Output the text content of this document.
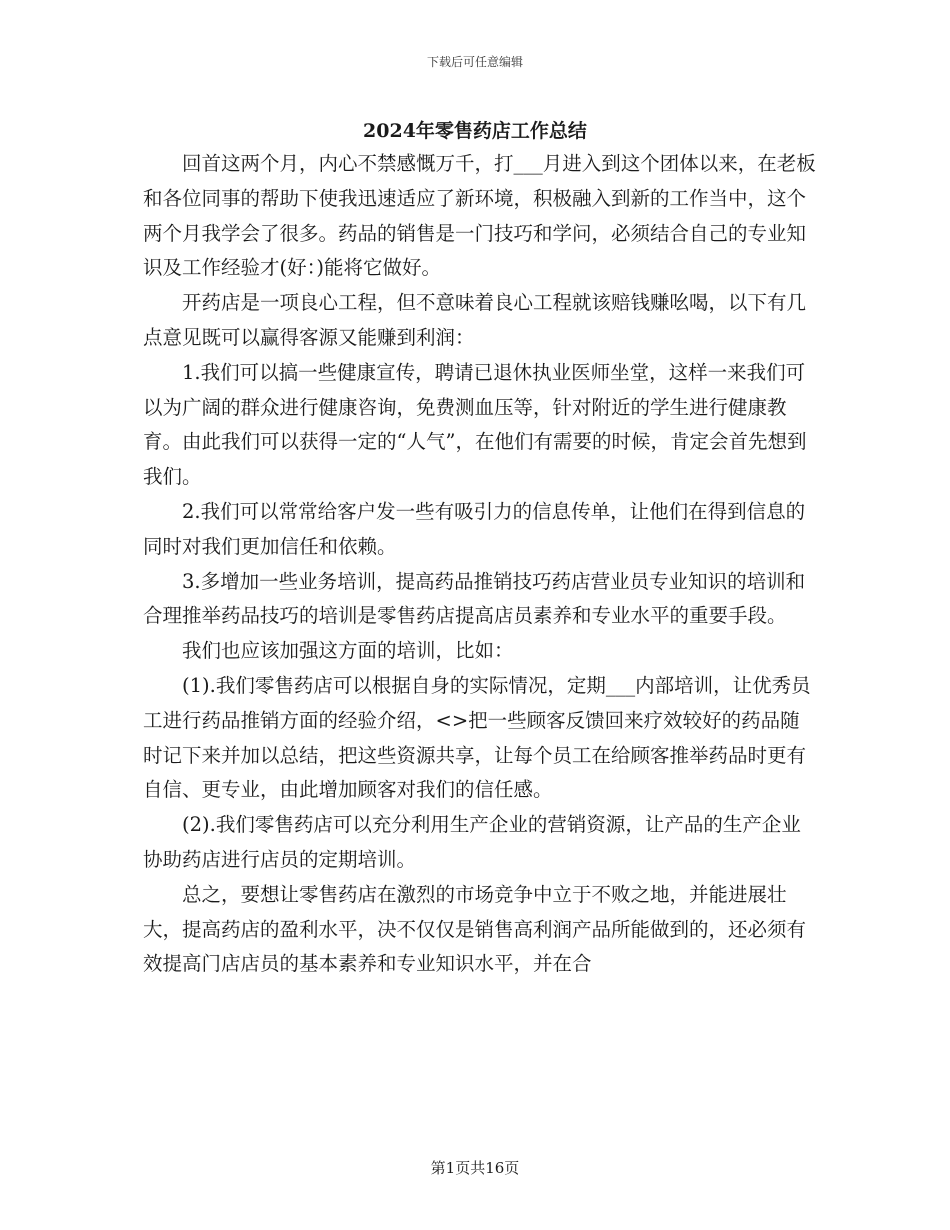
下载后可任意编辑
2024年零售药店工作总结

回首这两个月，内心不禁感慨万千，打___月进入到这个团体以来，在老板和各位同事的帮助下使我迅速适应了新环境，积极融入到新的工作当中，这个两个月我学会了很多。药品的销售是一门技巧和学问，必须结合自己的专业知识及工作经验才(好：)能将它做好。

开药店是一项良心工程，但不意味着良心工程就该赔钱赚吆喝，以下有几点意见既可以赢得客源又能赚到利润：

1.我们可以搞一些健康宣传，聘请已退休执业医师坐堂，这样一来我们可以为广阔的群众进行健康咨询，免费测血压等，针对附近的学生进行健康教育。由此我们可以获得一定的“人气”，在他们有需要的时候，肯定会首先想到我们。

2.我们可以常常给客户发一些有吸引力的信息传单，让他们在得到信息的同时对我们更加信任和依赖。

3.多增加一些业务培训，提高药品推销技巧药店营业员专业知识的培训和合理推举药品技巧的培训是零售药店提高店员素养和专业水平的重要手段。

我们也应该加强这方面的培训，比如：

(1).我们零售药店可以根据自身的实际情况，定期___内部培训，让优秀员工进行药品推销方面的经验介绍，<>把一些顾客反馈回来疗效较好的药品随时记下来并加以总结，把这些资源共享，让每个员工在给顾客推举药品时更有自信、更专业，由此增加顾客对我们的信任感。

(2).我们零售药店可以充分利用生产企业的营销资源，让产品的生产企业协助药店进行店员的定期培训。

总之，要想让零售药店在激烈的市场竞争中立于不败之地，并能进展壮大，提高药店的盈利水平，决不仅仅是销售高利润产品所能做到的，还必须有效提高门店店员的基本素养和专业知识水平，并在合

第1页共16页
